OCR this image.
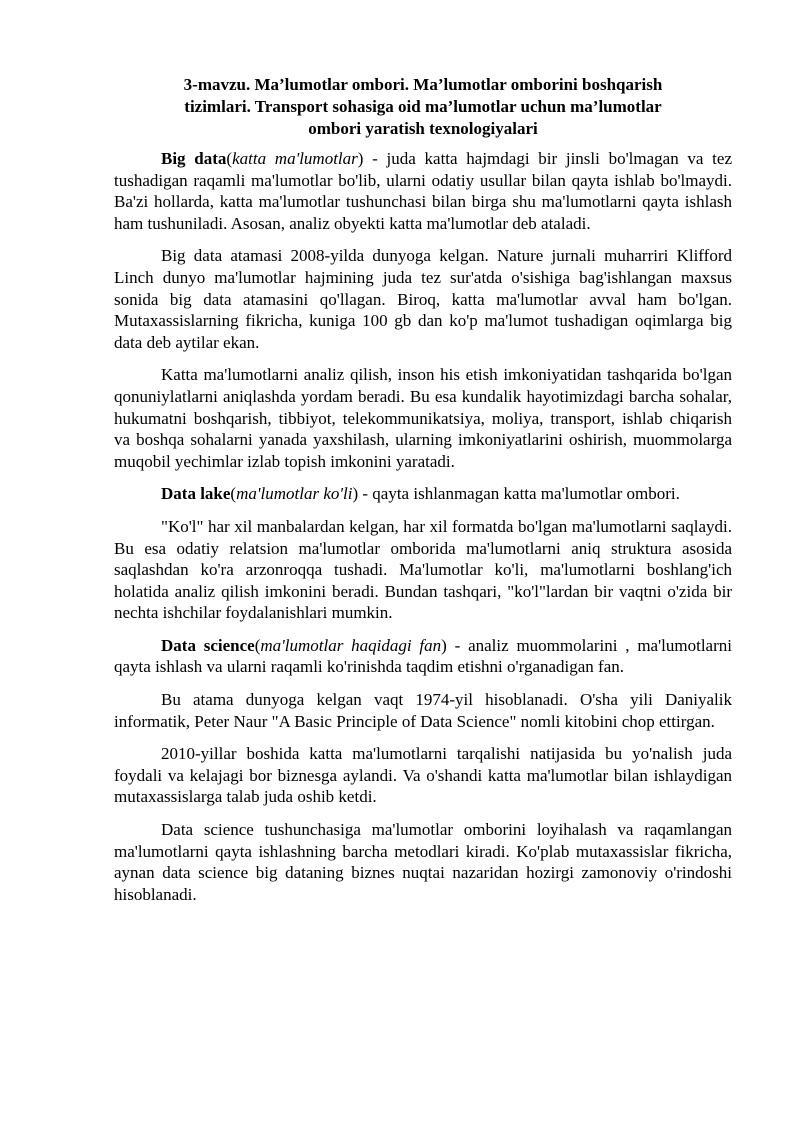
3-mavzu. Ma’lumotlar ombori. Ma’lumotlar omborini boshqarish
tizimlari. Transport sohasiga oid ma’lumotlar uchun ma’lumotlar
ombori yaratish texnologiyalari

Big data(katta ma'lumotlar) - juda katta hajmdagi bir jinsli bo'lmagan va tez tushadigan raqamli ma'lumotlar bo'lib, ularni odatiy usullar bilan qayta ishlab bo'lmaydi. Ba'zi hollarda, katta ma'lumotlar tushunchasi bilan birga shu ma'lumotlarni qayta ishlash ham tushuniladi. Asosan, analiz obyekti katta ma'lumotlar deb ataladi.

Big data atamasi 2008-yilda dunyoga kelgan. Nature jurnali muharriri Klifford Linch dunyo ma'lumotlar hajmining juda tez sur'atda o'sishiga bag'ishlangan maxsus sonida big data atamasini qo'llagan. Biroq, katta ma'lumotlar avval ham bo'lgan. Mutaxassislarning fikricha, kuniga 100 gb dan ko'p ma'lumot tushadigan oqimlarga big data deb aytilar ekan.

Katta ma'lumotlarni analiz qilish, inson his etish imkoniyatidan tashqarida bo'lgan qonuniylatlarni aniqlashda yordam beradi. Bu esa kundalik hayotimizdagi barcha sohalar, hukumatni boshqarish, tibbiyot, telekommunikatsiya, moliya, transport, ishlab chiqarish va boshqa sohalarni yanada yaxshilash, ularning imkoniyatlarini oshirish, muommolarga muqobil yechimlar izlab topish imkonini yaratadi.

Data lake(ma'lumotlar ko'li) - qayta ishlanmagan katta ma'lumotlar ombori.

"Ko'l" har xil manbalardan kelgan, har xil formatda bo'lgan ma'lumotlarni saqlaydi. Bu esa odatiy relatsion ma'lumotlar omborida ma'lumotlarni aniq struktura asosida saqlashdan ko'ra arzonroqqa tushadi. Ma'lumotlar ko'li, ma'lumotlarni boshlang'ich holatida analiz qilish imkonini beradi. Bundan tashqari, "ko'l"lardan bir vaqtni o'zida bir nechta ishchilar foydalanishlari mumkin.

Data science(ma'lumotlar haqidagi fan) - analiz muommolarini , ma'lumotlarni qayta ishlash va ularni raqamli ko'rinishda taqdim etishni o'rganadigan fan.

Bu atama dunyoga kelgan vaqt 1974-yil hisoblanadi. O'sha yili Daniyalik informatik, Peter Naur "A Basic Principle of Data Science" nomli kitobini chop ettirgan.

2010-yillar boshida katta ma'lumotlarni tarqalishi natijasida bu yo'nalish juda foydali va kelajagi bor biznesga aylandi. Va o'shandi katta ma'lumotlar bilan ishlaydigan mutaxassislarga talab juda oshib ketdi.

Data science tushunchasiga ma'lumotlar omborini loyihalash va raqamlangan ma'lumotlarni qayta ishlashning barcha metodlari kiradi. Ko'plab mutaxassislar fikricha, aynan data science big dataning biznes nuqtai nazaridan hozirgi zamonoviy o'rindoshi hisoblanadi.
